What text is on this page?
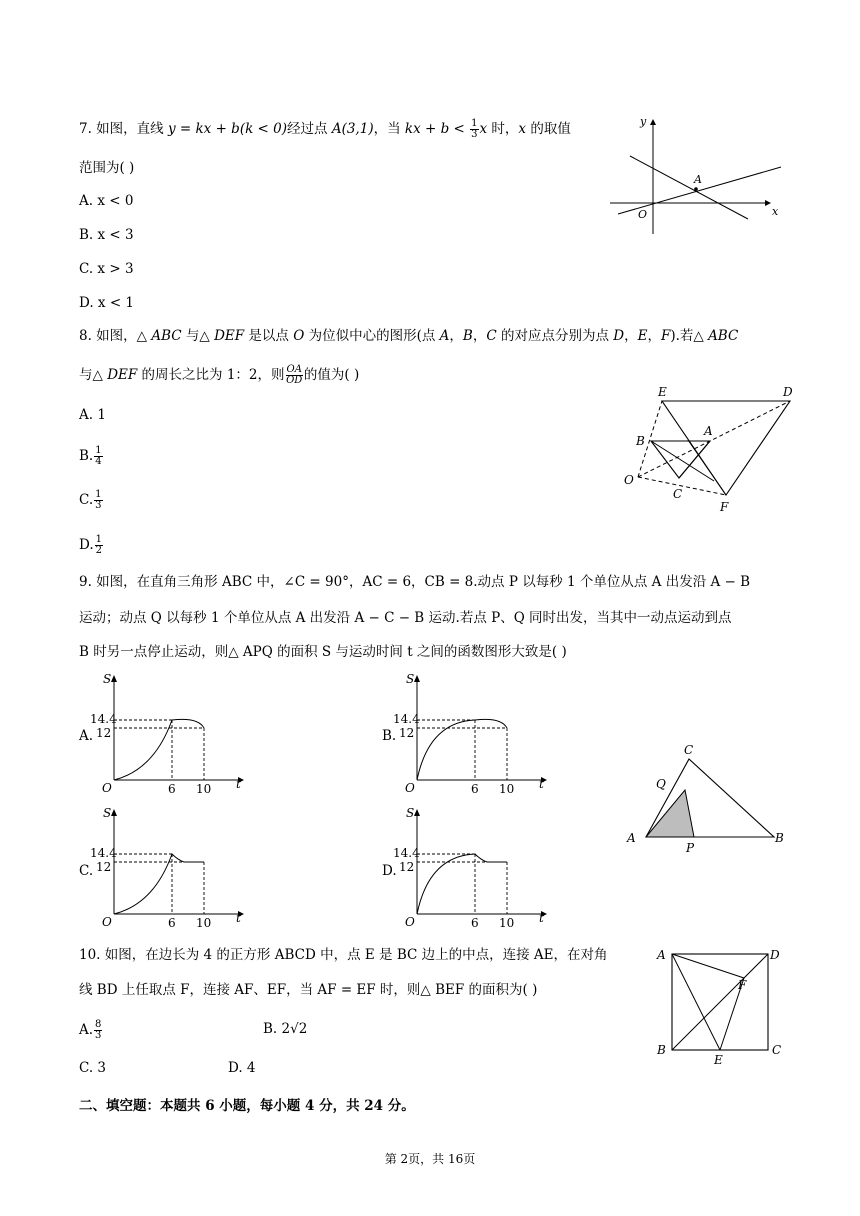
7. 如图，直线 y = kx + b(k < 0)经过点 A(3,1)，当 kx + $b < \frac{1}{3}$ x 时，x 的取值
范围为( )
A. x < 0
B. x < 3
C. x > 3
D. x < 1
y
x
O
A
8. 如图，△ ABC 与△ DEF 是以点 O 为位似中心的图形(点 A，B，C 的对应点分别为点 D，E，F).若△ ABC
与△ DEF 的周长之比为 1：2，则 $\frac{OA}{OD}$ 的值为( )
A. 1
B. $\frac{1}{4}$
C. $\frac{1}{3}$
D. $\frac{1}{2}$
E	D
B
A
O
C
F
9. 如图，在直角三角形 ABC 中，∠C = 90°，AC = 6，CB = 8.动点 P 以每秒 1 个单位从点 A 出发沿 A − B
运动；动点 Q 以每秒 1 个单位从点 A 出发沿 A − C − B 运动.若点 P、Q 同时出发，当其中一动点运动到点
B 时另一点停止运动，则△ APQ 的面积 S 与运动时间 t 之间的函数图形大致是( )
A.	B.
C.	D.
S
t
O
14.4
12
6 10
S
t
O
14.4
12
6 10
S
t
O
14.4
12
6 10
S
t
O
14.4
12
6 10
C
Q
A
P
B
10. 如图，在边长为 4 的正方形 ABCD 中，点 E 是 BC 边上的中点，连接 AE，在对角
线 BD 上任取点 F，连接 AF、EF，当 AF = EF 时，则△ BEF 的面积为( )
A. $\frac{8}{3}$	B. 2√2
C. 3	D. 4
A	D
F
B
E
C
二、填空题：本题共 6 小题，每小题 4 分，共 24 分。
第 2页，共 16页
